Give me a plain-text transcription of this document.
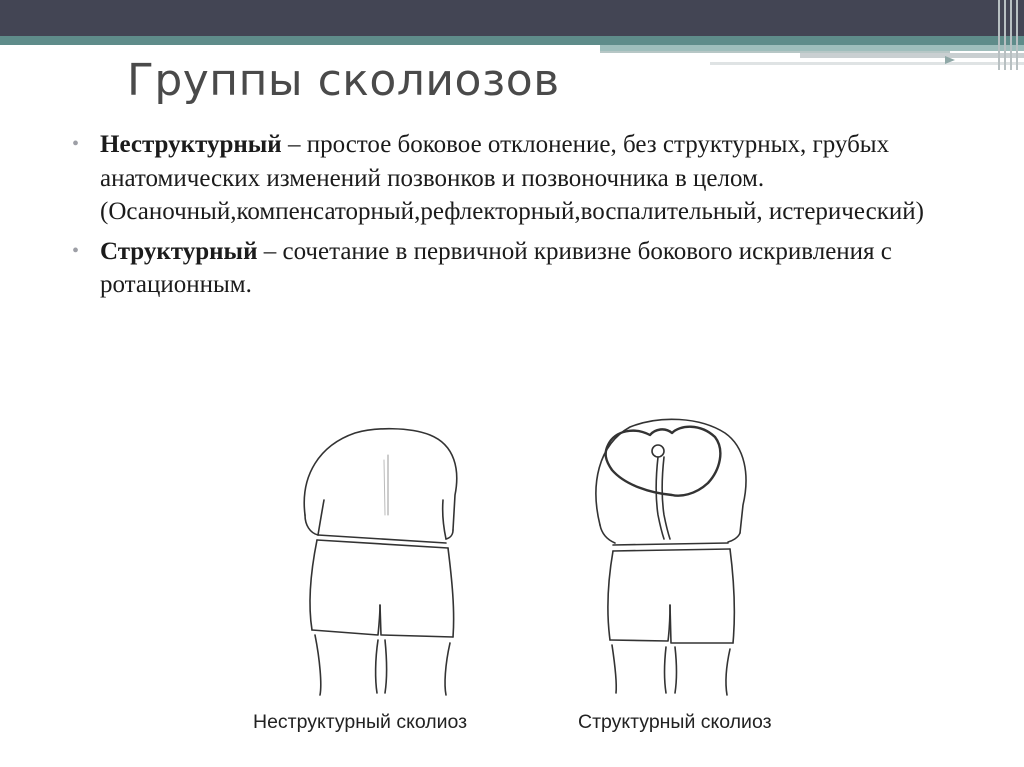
Группы сколиозов
• Неструктурный – простое боковое отклонение, без структурных, грубых анатомических изменений позвонков и позвоночника в целом. (Осаночный,компенсаторный,рефлекторный,воспалительный, истерический)
• Структурный – сочетание в первичной кривизне бокового искривления с ротационным.
Неструктурный сколиоз	Структурный сколиоз
